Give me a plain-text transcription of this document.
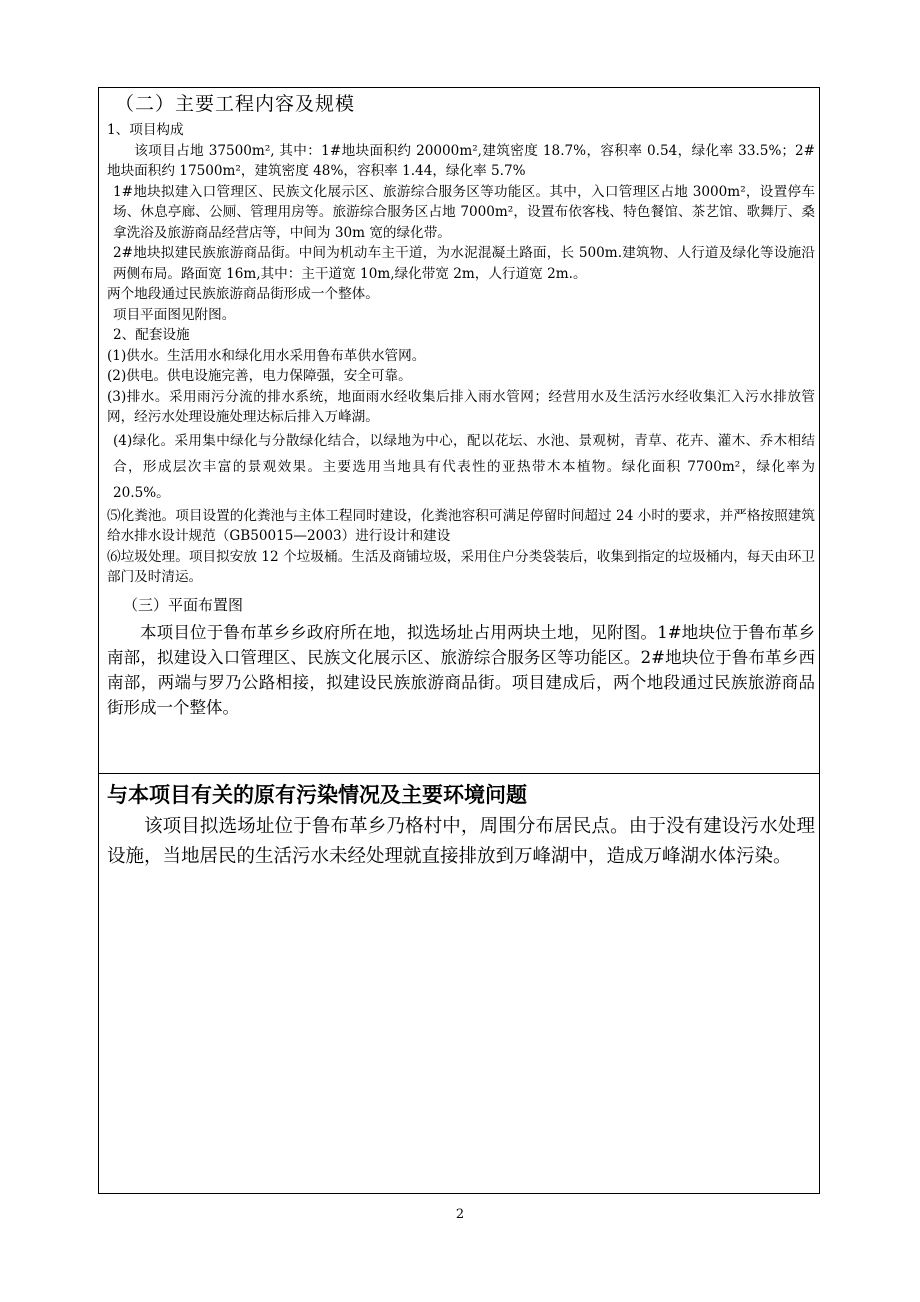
（二）主要工程内容及规模

1、项目构成

该项目占地 37500m², 其中：1#地块面积约 20000m²,建筑密度 18.7%，容积率 0.54，绿化率 33.5%；2#地块面积约 17500m²，建筑密度 48%，容积率 1.44，绿化率 5.7%

1#地块拟建入口管理区、民族文化展示区、旅游综合服务区等功能区。其中，入口管理区占地 3000m²，设置停车场、休息亭廊、公厕、管理用房等。旅游综合服务区占地 7000m²，设置布依客栈、特色餐馆、茶艺馆、歌舞厅、桑拿洗浴及旅游商品经营店等，中间为 30m 宽的绿化带。

2#地块拟建民族旅游商品街。中间为机动车主干道，为水泥混凝土路面，长 500m.建筑物、人行道及绿化等设施沿两侧布局。路面宽 16m,其中：主干道宽 10m,绿化带宽 2m，人行道宽 2m.。

两个地段通过民族旅游商品街形成一个整体。

项目平面图见附图。

2、配套设施

(1)供水。生活用水和绿化用水采用鲁布革供水管网。

(2)供电。供电设施完善，电力保障强，安全可靠。

(3)排水。采用雨污分流的排水系统，地面雨水经收集后排入雨水管网；经营用水及生活污水经收集汇入污水排放管网，经污水处理设施处理达标后排入万峰湖。

(4)绿化。采用集中绿化与分散绿化结合，以绿地为中心，配以花坛、水池、景观树，青草、花卉、灌木、乔木相结合，形成层次丰富的景观效果。主要选用当地具有代表性的亚热带木本植物。绿化面积 7700m²，绿化率为 20.5%。

⑸化粪池。项目设置的化粪池与主体工程同时建设，化粪池容积可满足停留时间超过 24 小时的要求，并严格按照建筑给水排水设计规范（GB50015—2003）进行设计和建设

⑹垃圾处理。项目拟安放 12 个垃圾桶。生活及商铺垃圾，采用住户分类袋装后，收集到指定的垃圾桶内，每天由环卫部门及时清运。

（三）平面布置图

本项目位于鲁布革乡乡政府所在地，拟选场址占用两块土地，见附图。1#地块位于鲁布革乡南部，拟建设入口管理区、民族文化展示区、旅游综合服务区等功能区。2#地块位于鲁布革乡西南部，两端与罗乃公路相接，拟建设民族旅游商品街。项目建成后，两个地段通过民族旅游商品街形成一个整体。

与本项目有关的原有污染情况及主要环境问题

该项目拟选场址位于鲁布革乡乃格村中，周围分布居民点。由于没有建设污水处理设施，当地居民的生活污水未经处理就直接排放到万峰湖中，造成万峰湖水体污染。

2
